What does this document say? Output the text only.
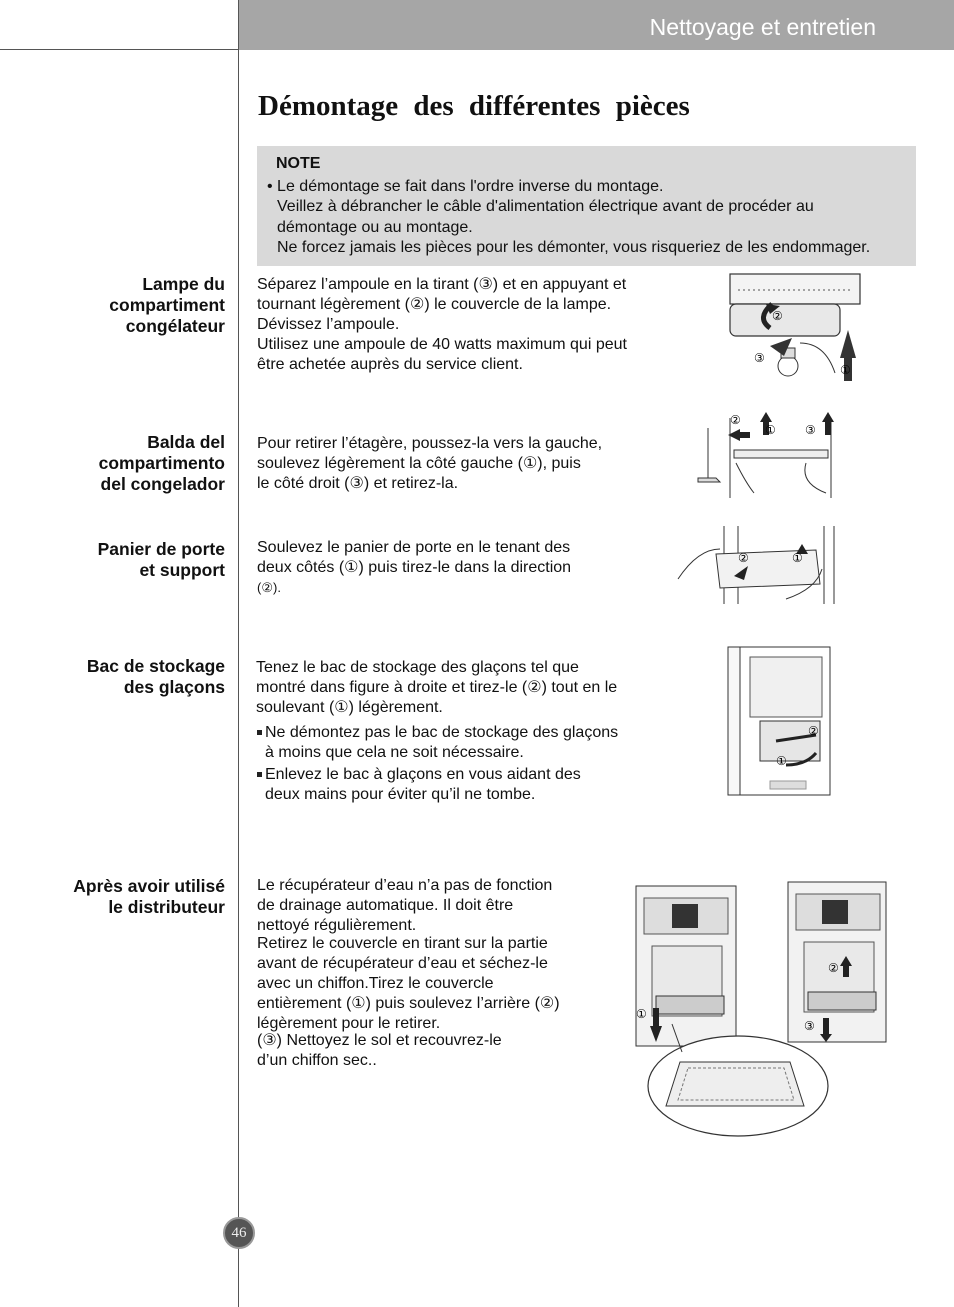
Nettoyage et entretien
Démontage des différentes pièces
NOTE
• Le démontage se fait dans l'ordre inverse du montage.
Veillez à débrancher le câble d'alimentation électrique avant de procéder au
démontage ou au montage.
Ne forcez jamais les pièces pour les démonter, vous risqueriez de les endommager.
Lampe du
compartiment
congélateur
Séparez l’ampoule en la tirant (③) et en appuyant et
tournant légèrement (②) le couvercle de la lampe.
Dévissez l’ampoule.
Utilisez une ampoule de 40 watts maximum qui peut
être achetée auprès du service client.
②
③
①
Balda del
compartimento
del congelador
Pour retirer l’étagère, poussez-la vers la gauche,
soulevez légèrement la côté gauche (①), puis
le côté droit (③) et retirez-la.
②
① ③
Panier de porte
et support
Soulevez le panier de porte en le tenant des
deux côtés (①) puis tirez-le dans la direction
(②).
②	①
Bac de stockage
des glaçons
Tenez le bac de stockage des glaçons tel que
montré dans figure à droite et tirez-le (②) tout en le
soulevant (①) légèrement.
Ne démontez pas le bac de stockage des glaçons
à moins que cela ne soit nécessaire.
Enlevez le bac à glaçons en vous aidant des
deux mains pour éviter qu’il ne tombe.
②
①
Après avoir utilisé
le distributeur
Le récupérateur d’eau n’a pas de fonction
de drainage automatique. Il doit être
nettoyé régulièrement.
Retirez le couvercle en tirant sur la partie
avant de récupérateur d’eau et séchez-le
avec un chiffon.Tirez le couvercle
entièrement (①) puis soulevez l’arrière (②)
légèrement pour le retirer.
(③) Nettoyez le sol et recouvrez-le
d’un chiffon sec..
①
②
③
46
